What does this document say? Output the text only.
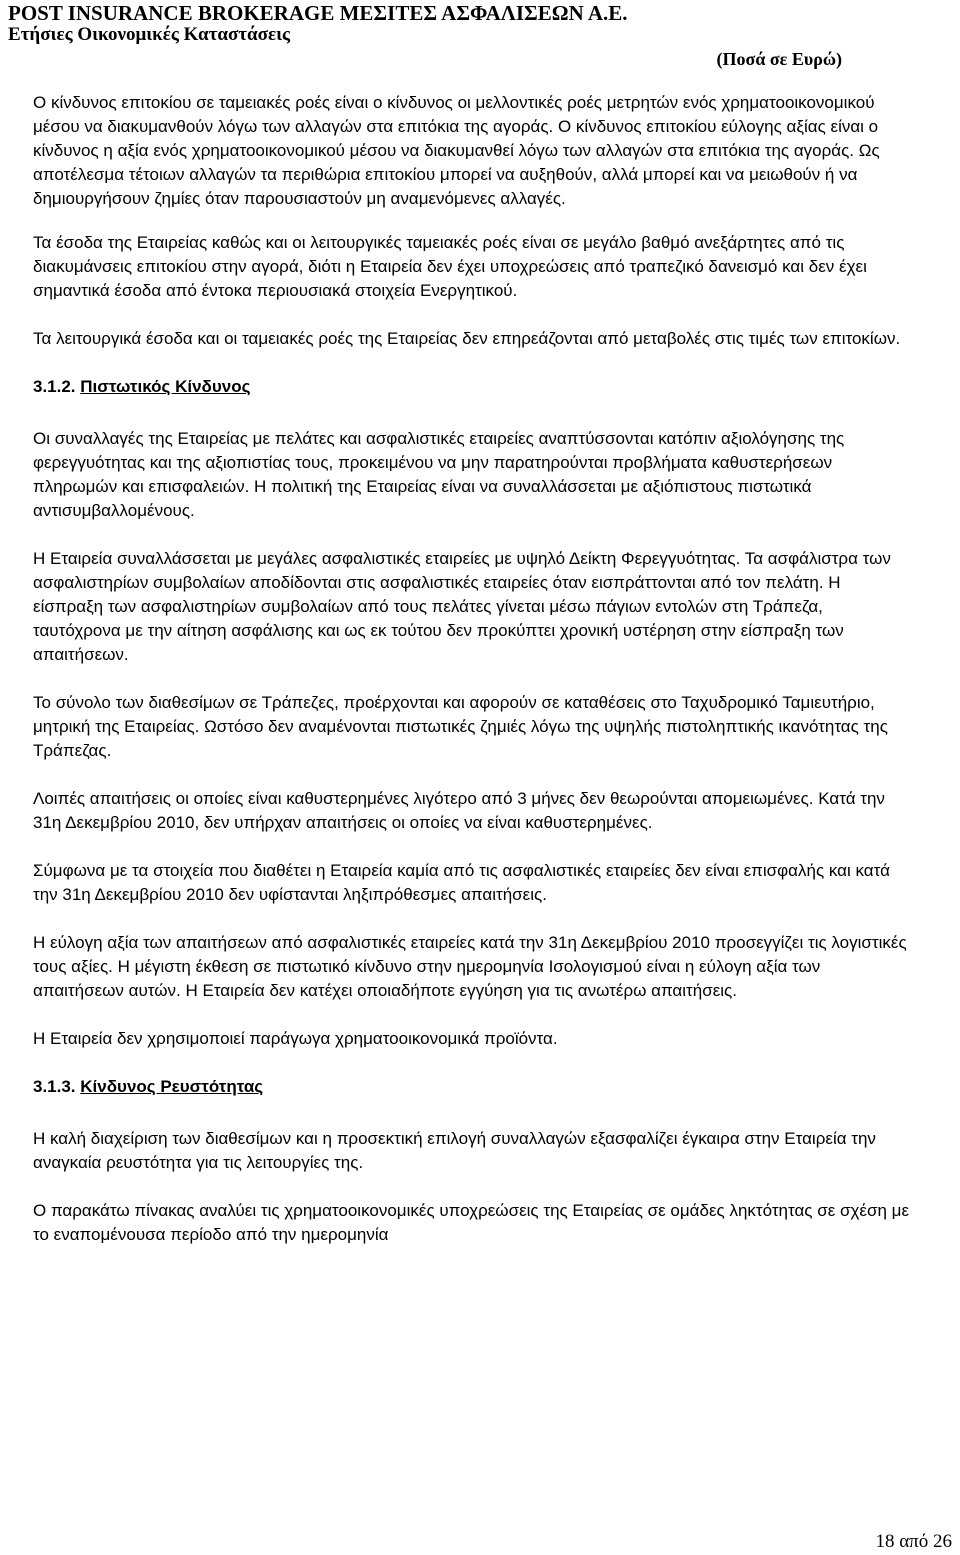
POST INSURANCE BROKERAGE ΜΕΣΙΤΕΣ ΑΣΦΑΛΙΣΕΩΝ Α.Ε.
Ετήσιες Οικονομικές Καταστάσεις
(Ποσά σε Ευρώ)

Ο κίνδυνος επιτοκίου σε ταμειακές ροές είναι ο κίνδυνος οι μελλοντικές ροές μετρητών ενός χρηματοοικονομικού μέσου να διακυμανθούν λόγω των αλλαγών στα επιτόκια της αγοράς. Ο κίνδυνος επιτοκίου εύλογης αξίας είναι ο κίνδυνος η αξία ενός χρηματοοικονομικού μέσου να διακυμανθεί λόγω των αλλαγών στα επιτόκια της αγοράς. Ως αποτέλεσμα τέτοιων αλλαγών τα περιθώρια επιτοκίου μπορεί να αυξηθούν, αλλά μπορεί και να μειωθούν ή να δημιουργήσουν ζημίες όταν παρουσιαστούν μη αναμενόμενες αλλαγές.

Τα έσοδα της Εταιρείας καθώς και οι λειτουργικές ταμειακές ροές είναι σε μεγάλο βαθμό ανεξάρτητες από τις διακυμάνσεις επιτοκίου στην αγορά, διότι η Εταιρεία δεν έχει υποχρεώσεις από τραπεζικό δανεισμό και δεν έχει σημαντικά έσοδα από έντοκα περιουσιακά στοιχεία Ενεργητικού.

Τα λειτουργικά έσοδα και οι ταμειακές ροές της Εταιρείας δεν επηρεάζονται από μεταβολές στις τιμές των επιτοκίων.

3.1.2. Πιστωτικός Κίνδυνος

Οι συναλλαγές της Εταιρείας με πελάτες και ασφαλιστικές εταιρείες αναπτύσσονται κατόπιν αξιολόγησης της φερεγγυότητας και της αξιοπιστίας τους, προκειμένου να μην παρατηρούνται προβλήματα καθυστερήσεων πληρωμών και επισφαλειών. Η πολιτική της Εταιρείας είναι να συναλλάσσεται με αξιόπιστους πιστωτικά αντισυμβαλλομένους.

Η Εταιρεία συναλλάσσεται με μεγάλες ασφαλιστικές εταιρείες με υψηλό Δείκτη Φερεγγυότητας. Τα ασφάλιστρα των ασφαλιστηρίων συμβολαίων αποδίδονται στις ασφαλιστικές εταιρείες όταν εισπράττονται από τον πελάτη. Η είσπραξη των ασφαλιστηρίων συμβολαίων από τους πελάτες γίνεται μέσω πάγιων εντολών στη Τράπεζα, ταυτόχρονα με την αίτηση ασφάλισης και ως εκ τούτου δεν προκύπτει χρονική υστέρηση στην είσπραξη των απαιτήσεων.

Το σύνολο των διαθεσίμων σε Τράπεζες, προέρχονται και αφορούν σε καταθέσεις στο Ταχυδρομικό Ταμιευτήριο, μητρική της Εταιρείας. Ωστόσο δεν αναμένονται πιστωτικές ζημιές λόγω της υψηλής πιστοληπτικής ικανότητας της Τράπεζας.

Λοιπές απαιτήσεις οι οποίες είναι καθυστερημένες λιγότερο από 3 μήνες δεν θεωρούνται απομειωμένες. Κατά την 31η Δεκεμβρίου 2010, δεν υπήρχαν απαιτήσεις οι οποίες να είναι καθυστερημένες.

Σύμφωνα με τα στοιχεία που διαθέτει η Εταιρεία καμία από τις ασφαλιστικές εταιρείες δεν είναι επισφαλής και κατά την 31η Δεκεμβρίου 2010 δεν υφίστανται ληξιπρόθεσμες απαιτήσεις.

Η εύλογη αξία των απαιτήσεων από ασφαλιστικές εταιρείες κατά την 31η Δεκεμβρίου 2010 προσεγγίζει τις λογιστικές τους αξίες. Η μέγιστη έκθεση σε πιστωτικό κίνδυνο στην ημερομηνία Ισολογισμού είναι η εύλογη αξία των απαιτήσεων αυτών. Η Εταιρεία δεν κατέχει οποιαδήποτε εγγύηση για τις ανωτέρω απαιτήσεις.

Η Εταιρεία δεν χρησιμοποιεί παράγωγα χρηματοοικονομικά προϊόντα.

3.1.3. Κίνδυνος Ρευστότητας

Η καλή διαχείριση των διαθεσίμων και η προσεκτική επιλογή συναλλαγών εξασφαλίζει έγκαιρα στην Εταιρεία την αναγκαία ρευστότητα για τις λειτουργίες της.

Ο παρακάτω πίνακας αναλύει τις χρηματοοικονομικές υποχρεώσεις της Εταιρείας σε ομάδες ληκτότητας σε σχέση με το εναπομένουσα περίοδο από την ημερομηνία

18 από 26
